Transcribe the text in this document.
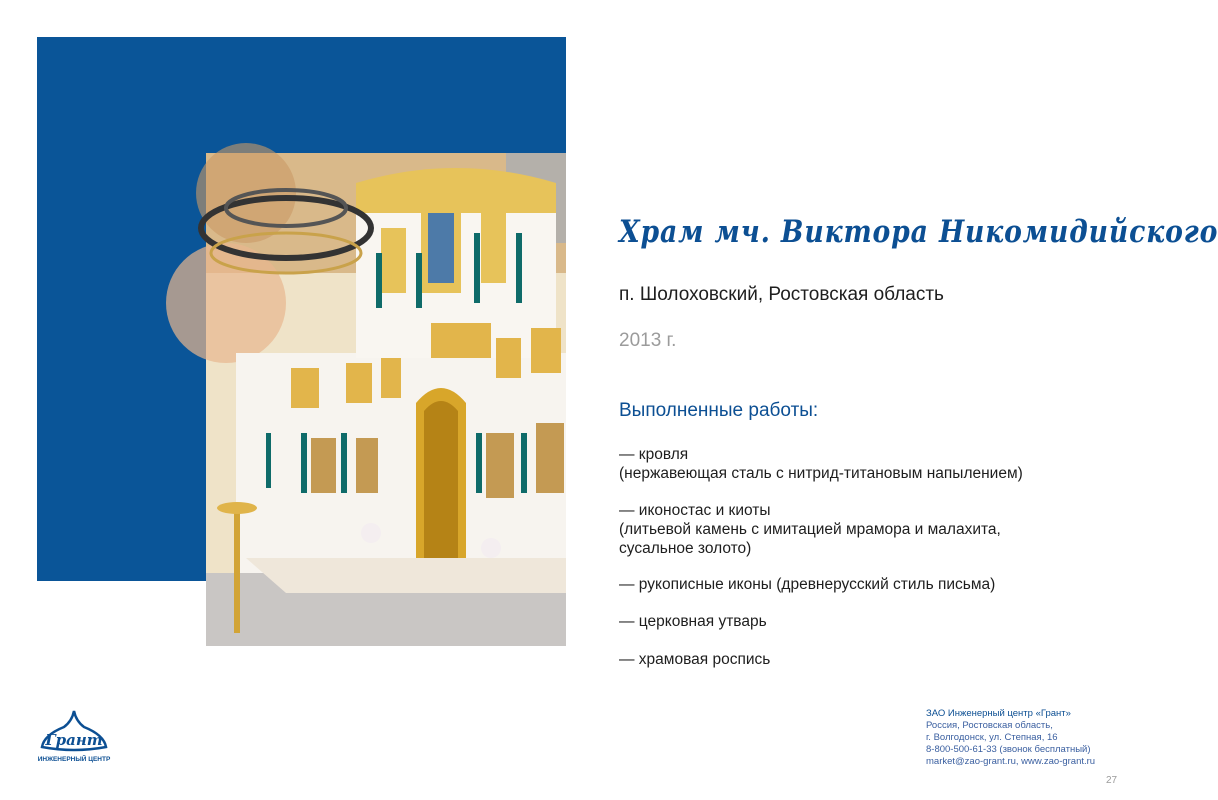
Храм мч. Виктора Никомидийского
п. Шолоховский, Ростовская область
2013 г.
Выполненные работы:
— кровля
(нержавеющая сталь с нитрид-титановым напылением)
— иконостас и киоты
(литьевой камень с имитацией мрамора и малахита,
сусальное золото)
— рукописные иконы (древнерусский стиль письма)
— церковная утварь
— храмовая роспись
Грант
ИНЖЕНЕРНЫЙ ЦЕНТР
ЗАО Инженерный центр «Грант»
Россия, Ростовская область,
г. Волгодонск, ул. Степная, 16
8-800-500-61-33 (звонок бесплатный)
market@zao-grant.ru, www.zao-grant.ru
27
